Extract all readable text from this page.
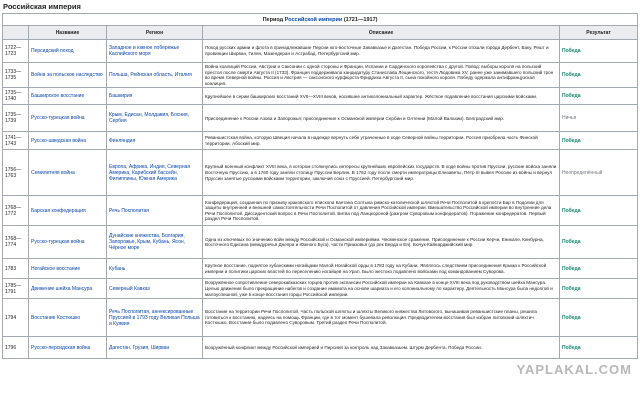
Российская империя
Период Российской империи (1721—1917)				
	Название	Регион	Описание	Результат
1722—1723	Персидский поход	Западное и южное побережье Каспийского моря	Поход русских армии и флота в принадлежавшие Персии юго-восточные Закавказье и Дагестан. Победа России, к России отошли города Дербент, Баку, Решт и провинции Ширван, Гилян, Мазендеран и Астрабад. Петербургский мир.	Победа
1733—1735	Война за польское наследство	Польша, Рейнская область, Италия	Война коалиций России, Австрии и Саксонии с одной стороны и Франции, Испании и Сардинского королевства с другой. Повод: выборы короля на польский престол после смерти Августа II (1733). Франция поддерживала кандидатуру Станислава Лещинского, тестя Людовика XV, ранее уже занимавшего польский трон во время Северной войны. Россия и Австрия — саксонского курфюрста Фридриха Августа II, сына покойного короля. Победу одержала антифранцузская коалиция.	Победа
1735—1740	Башкирское восстание	Башкирия	Крупнейшее в серии башкирских восстаний XVII—XVIII веков, носившее антиколониальный характер. Жёсткое подавление восстания царскими войсками.	Победа
1735—1739	Русско-турецкая война	Крым, Едисан, Молдавия, Босния, Сербия	Присоединение к России Азова и Запорожья; присоединение к Османской империи Сербии и Олтении (Малой Валахии). Белградский мир.	Ничья
1741—1743	Русско-шведская война	Финляндия	Реваншистская война, которую Швеция начала в надежде вернуть себе утраченные в ходе Северной войны территории. Россия приобрела часть Финской территории. Абоский мир.	Победа
1756—1763	Семилетняя война	Европа, Африка, Индия, Северная Америка, Карибский бассейн, Филиппины, Южная Америка	Крупный военный конфликт XVIII века, в котором столкнулись интересы крупнейших европейских государств. В ходе войны против Пруссии, русские войска заняли Восточную Пруссию, а в 1760 году заняли столицу Пруссии Берлин. В 1762 году после смерти императрицы Елизаветы, Пётр III вывел Россию из войны и вернул Пруссии занятые русскими войсками территории, заключив союз с Пруссией. Петербургский мир.	Неопределённый
1768—1772	Барская конфедерация	Речь Посполитая	Конфедерация, созданная по призыву краковского епископа Каетана Солтыка римско-католической шляхтой Речи Посполитой в крепости Бар в Подолии для защиты внутренней и внешней самостоятельности Речи Посполитой от давления Российской империи. Вмешательство Российской империи во внутренние дела Речи Посполитой. Диссидентский вопрос в Речи Посполитой. Битва под Ланцкороной (разгром Суворовым конфедератов). Поражение конфедератов. Первый раздел Речи Посполитой.	Победа
1768—1774	Русско-турецкая война	Дунайские княжества, Болгария, Запорожье, Крым, Кубань, Ясон, Чёрное море	Одна из ключевых по значению войн между Российской и Османской империями. Чесменское сражение. Присоединение к России Керчи, Еникале, Кинбурна, Восточного Едисана (междуречья Днепра и Южного Буга), части Приазовья (до рек Берда и Ея). Кючук-Кайнарджийский мир.	Победа
1783	Ногайское восстание	Кубань	Крупное восстание, поднятое кубанскими ногайцами Малой Ногайской орды в 1783 году на Кубани. Являлось следствием присоединения Крыма к Российской империи и политики царских властей по переселению ногайцев на Урал. Было жестоко подавлено войсками под командованием Суворова.	Победа
1785—1791	Движение шейха Мансура	Северный Кавказ	Вооружённое сопротивление северокавказских горцев против экспансии Российской империи на Кавказе в конце XVIII века под руководством шейха Мансура. Целью движения было прекращение набегов и создание имамата на основе шариата и его колониальному по характеру. Деятельность Мансура была недолгой и малоуспешной, уже в конце восстания горцы Российской империи.	Победа
1794	Восстание Костюшко	Речь Посполитая, аннексированные Пруссией в 1793 году Великая Польша и Куявия	Восстание на территории Речи Посполитой. Часть польской шляхты и шляхты Великого княжества Литовского, вынашивая реваншистские планы, решила готовиться к восстанию, надеясь на помощь Франции, где в тот момент бушевала революция. Предводителем восстания был избран литовский шляхтич Костюшко. Восстание было подавлено Суворовым. Третий раздел Речи Посполитой.	Победа
1796	Русско-персидская война	Дагестан, Грузия, Ширван	Вооружённый конфликт между Российской империей и Персией за контроль над Закавказьем. Штурм Дербента. Победа России.	Победа
YAPLAKAL.COM
